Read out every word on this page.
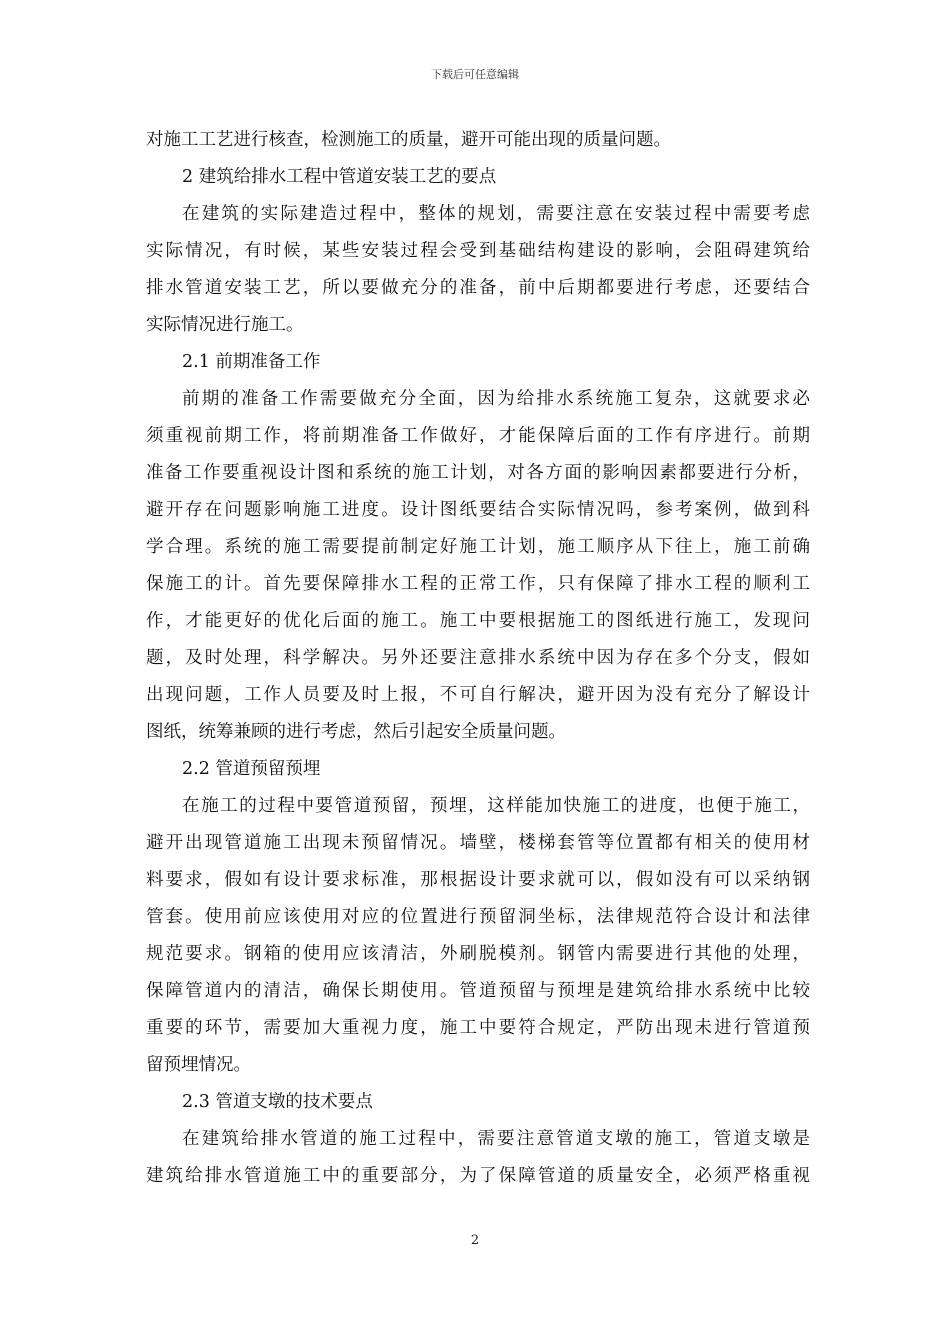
下载后可任意编辑
对施工工艺进行核查，检测施工的质量，避开可能出现的质量问题。
2 建筑给排水工程中管道安装工艺的要点
在建筑的实际建造过程中，整体的规划，需要注意在安装过程中需要考虑
实际情况，有时候，某些安装过程会受到基础结构建设的影响，会阻碍建筑给
排水管道安装工艺，所以要做充分的准备，前中后期都要进行考虑，还要结合
实际情况进行施工。
2.1 前期准备工作
前期的准备工作需要做充分全面，因为给排水系统施工复杂，这就要求必
须重视前期工作，将前期准备工作做好，才能保障后面的工作有序进行。前期
准备工作要重视设计图和系统的施工计划，对各方面的影响因素都要进行分析，
避开存在问题影响施工进度。设计图纸要结合实际情况吗，参考案例，做到科
学合理。系统的施工需要提前制定好施工计划，施工顺序从下往上，施工前确
保施工的计。首先要保障排水工程的正常工作，只有保障了排水工程的顺利工
作，才能更好的优化后面的施工。施工中要根据施工的图纸进行施工，发现问
题，及时处理，科学解决。另外还要注意排水系统中因为存在多个分支，假如
出现问题，工作人员要及时上报，不可自行解决，避开因为没有充分了解设计
图纸，统筹兼顾的进行考虑，然后引起安全质量问题。
2.2 管道预留预埋
在施工的过程中要管道预留，预埋，这样能加快施工的进度，也便于施工，
避开出现管道施工出现未预留情况。墙壁，楼梯套管等位置都有相关的使用材
料要求，假如有设计要求标准，那根据设计要求就可以，假如没有可以采纳钢
管套。使用前应该使用对应的位置进行预留洞坐标，法律规范符合设计和法律
规范要求。钢箱的使用应该清洁，外刷脱模剂。钢管内需要进行其他的处理，
保障管道内的清洁，确保长期使用。管道预留与预埋是建筑给排水系统中比较
重要的环节，需要加大重视力度，施工中要符合规定，严防出现未进行管道预
留预埋情况。
2.3 管道支墩的技术要点
在建筑给排水管道的施工过程中，需要注意管道支墩的施工，管道支墩是
建筑给排水管道施工中的重要部分，为了保障管道的质量安全，必须严格重视
2
